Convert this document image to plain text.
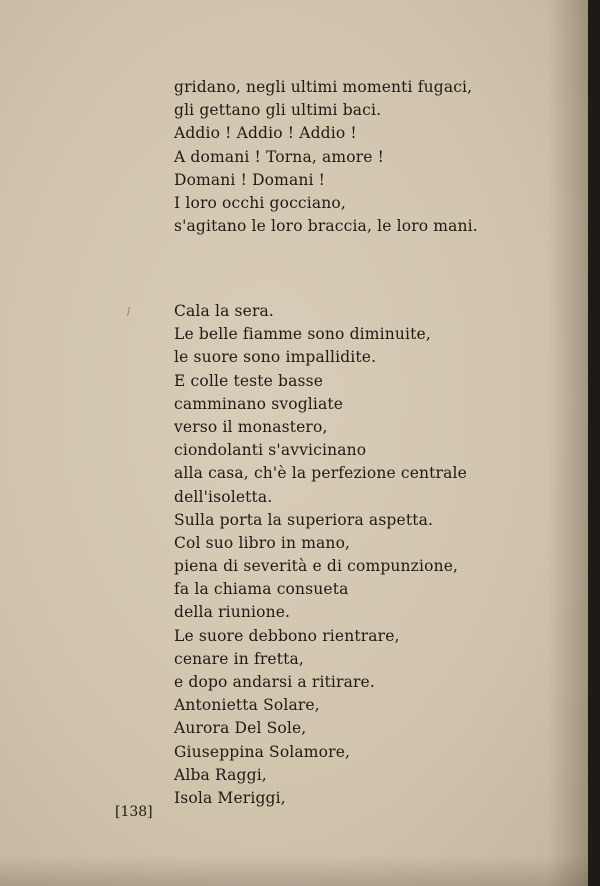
gridano, negli ultimi momenti fugaci,
gli gettano gli ultimi baci.
Addio ! Addio ! Addio !
A domani ! Torna, amore !
Domani ! Domani !
I loro occhi gocciano,
s'agitano le loro braccia, le loro mani.
Cala la sera.
Le belle fiamme sono diminuite,
le suore sono impallidite.
E colle teste basse
camminano svogliate
verso il monastero,
ciondolanti s'avvicinano
alla casa, ch'è la perfezione centrale
dell'isoletta.
Sulla porta la superiora aspetta.
Col suo libro in mano,
piena di severità e di compunzione,
fa la chiama consueta
della riunione.
Le suore debbono rientrare,
cenare in fretta,
e dopo andarsi a ritirare.
Antonietta Solare,
Aurora Del Sole,
Giuseppina Solamore,
Alba Raggi,
Isola Meriggi,
[138]
